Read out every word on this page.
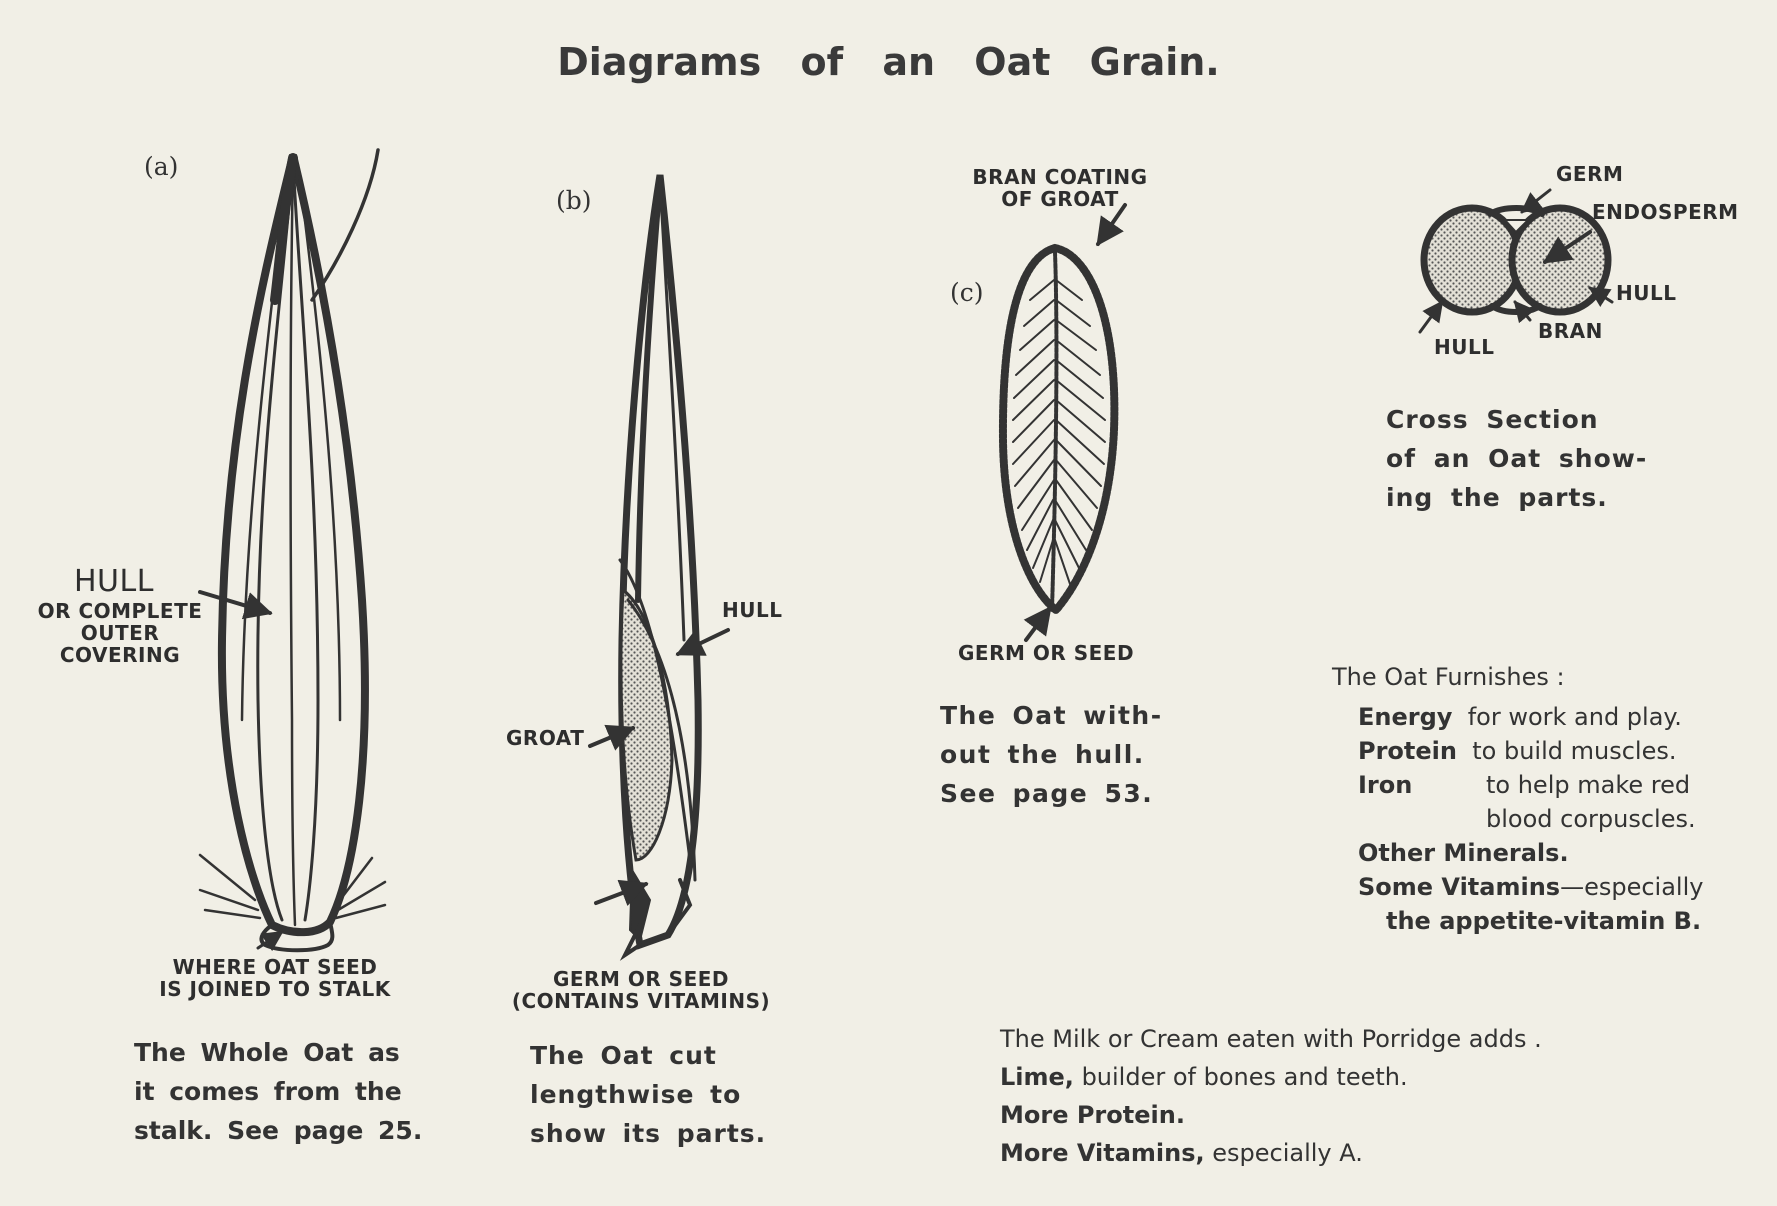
Diagrams of an Oat Grain.
(a)
HULL
OR COMPLETE
OUTER
COVERING
WHERE OAT SEED
IS JOINED TO STALK
The Whole Oat as
it comes from the
stalk. See page 25.
(b)
HULL
GROAT
GERM OR SEED
(CONTAINS VITAMINS)
The Oat cut
lengthwise to
show its parts.
(c)
BRAN COATING
OF GROAT
GERM OR SEED
The Oat with-
out the hull.
See page 53.
GERM
ENDOSPERM
HULL
HULL
BRAN
Cross Section
of an Oat show-
ing the parts.
The Oat Furnishes :
Energy for work and play.
Protein to build muscles.
Iron	to help make red
blood corpuscles.
Other Minerals.
Some Vitamins—especially
the appetite-vitamin B.
The Milk or Cream eaten with Porridge adds .
Lime, builder of bones and teeth.
More Protein.
More Vitamins, especially A.
